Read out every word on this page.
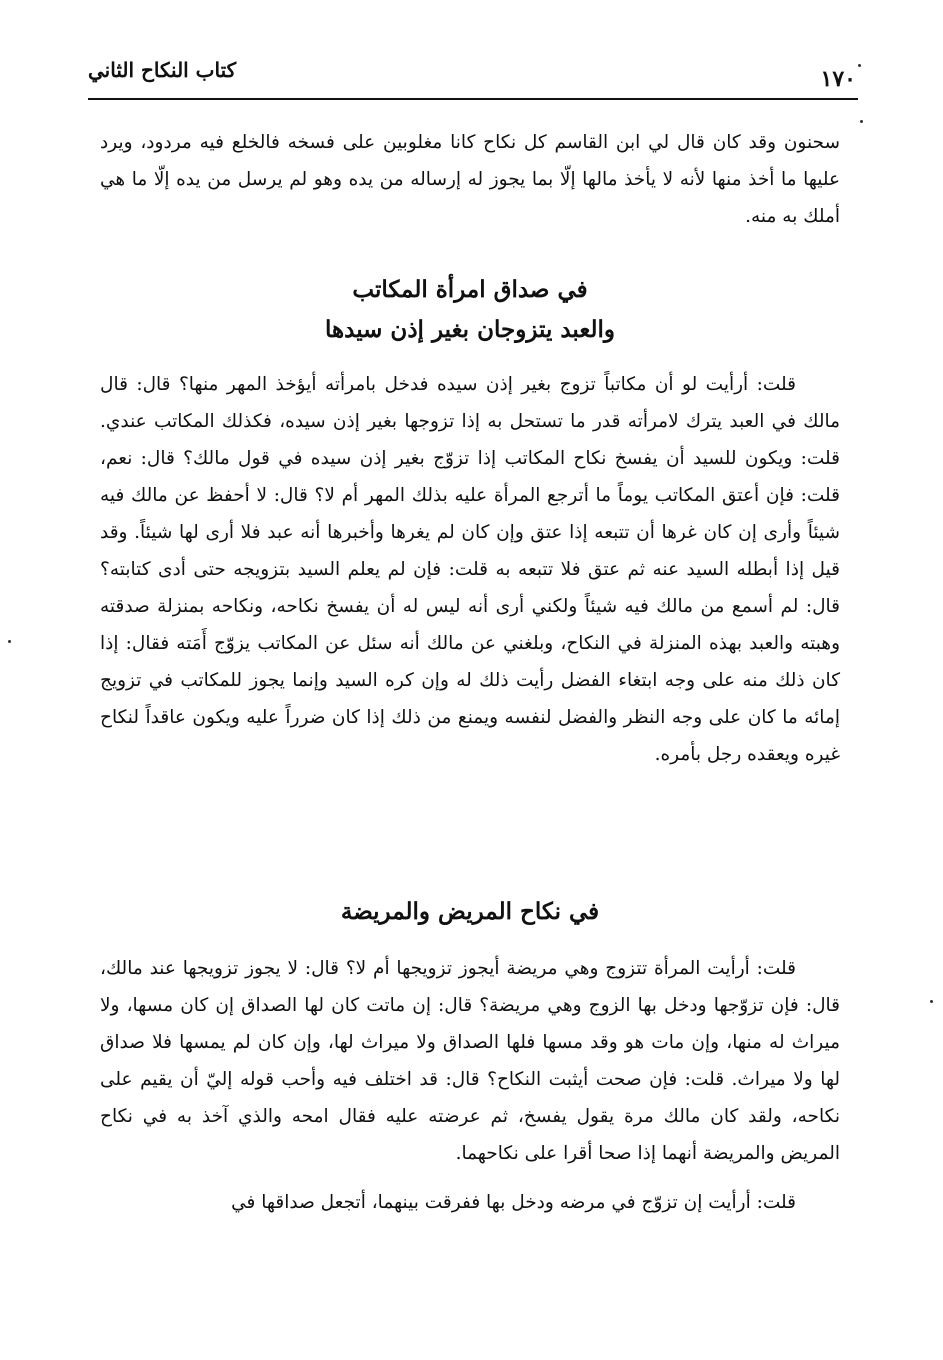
١٧٠
كتاب النكاح الثاني

سحنون وقد كان قال لي ابن القاسم كل نكاح كانا مغلوبين على فسخه فالخلع فيه مردود، ويرد عليها ما أخذ منها لأنه لا يأخذ مالها إلّا بما يجوز له إرساله من يده وهو لم يرسل من يده إلّا ما هي أملك به منه.

في صداق امرأة المكاتب
والعبد يتزوجان بغير إذن سيدها

قلت: أرأيت لو أن مكاتباً تزوج بغير إذن سيده فدخل بامرأته أيؤخذ المهر منها؟ قال: قال مالك في العبد يترك لامرأته قدر ما تستحل به إذا تزوجها بغير إذن سيده، فكذلك المكاتب عندي. قلت: ويكون للسيد أن يفسخ نكاح المكاتب إذا تزوّج بغير إذن سيده في قول مالك؟ قال: نعم، قلت: فإن أعتق المكاتب يوماً ما أترجع المرأة عليه بذلك المهر أم لا؟ قال: لا أحفظ عن مالك فيه شيئاً وأرى إن كان غرها أن تتبعه إذا عتق وإن كان لم يغرها وأخبرها أنه عبد فلا أرى لها شيئاً. وقد قيل إذا أبطله السيد عنه ثم عتق فلا تتبعه به قلت: فإن لم يعلم السيد بتزويجه حتى أدى كتابته؟ قال: لم أسمع من مالك فيه شيئاً ولكني أرى أنه ليس له أن يفسخ نكاحه، ونكاحه بمنزلة صدقته وهبته والعبد بهذه المنزلة في النكاح، وبلغني عن مالك أنه سئل عن المكاتب يزوّج أَمَته فقال: إذا كان ذلك منه على وجه ابتغاء الفضل رأيت ذلك له وإن كره السيد وإنما يجوز للمكاتب في تزويج إمائه ما كان على وجه النظر والفضل لنفسه ويمنع من ذلك إذا كان ضرراً عليه ويكون عاقداً لنكاح غيره ويعقده رجل بأمره.

في نكاح المريض والمريضة

قلت: أرأيت المرأة تتزوج وهي مريضة أيجوز تزويجها أم لا؟ قال: لا يجوز تزويجها عند مالك، قال: فإن تزوّجها ودخل بها الزوج وهي مريضة؟ قال: إن ماتت كان لها الصداق إن كان مسها، ولا ميراث له منها، وإن مات هو وقد مسها فلها الصداق ولا ميراث لها، وإن كان لم يمسها فلا صداق لها ولا ميراث. قلت: فإن صحت أيثبت النكاح؟ قال: قد اختلف فيه وأحب قوله إليّ أن يقيم على نكاحه، ولقد كان مالك مرة يقول يفسخ، ثم عرضته عليه فقال امحه والذي آخذ به في نكاح المريض والمريضة أنهما إذا صحا أقرا على نكاحهما.

قلت: أرأيت إن تزوّج في مرضه ودخل بها ففرقت بينهما، أتجعل صداقها في
